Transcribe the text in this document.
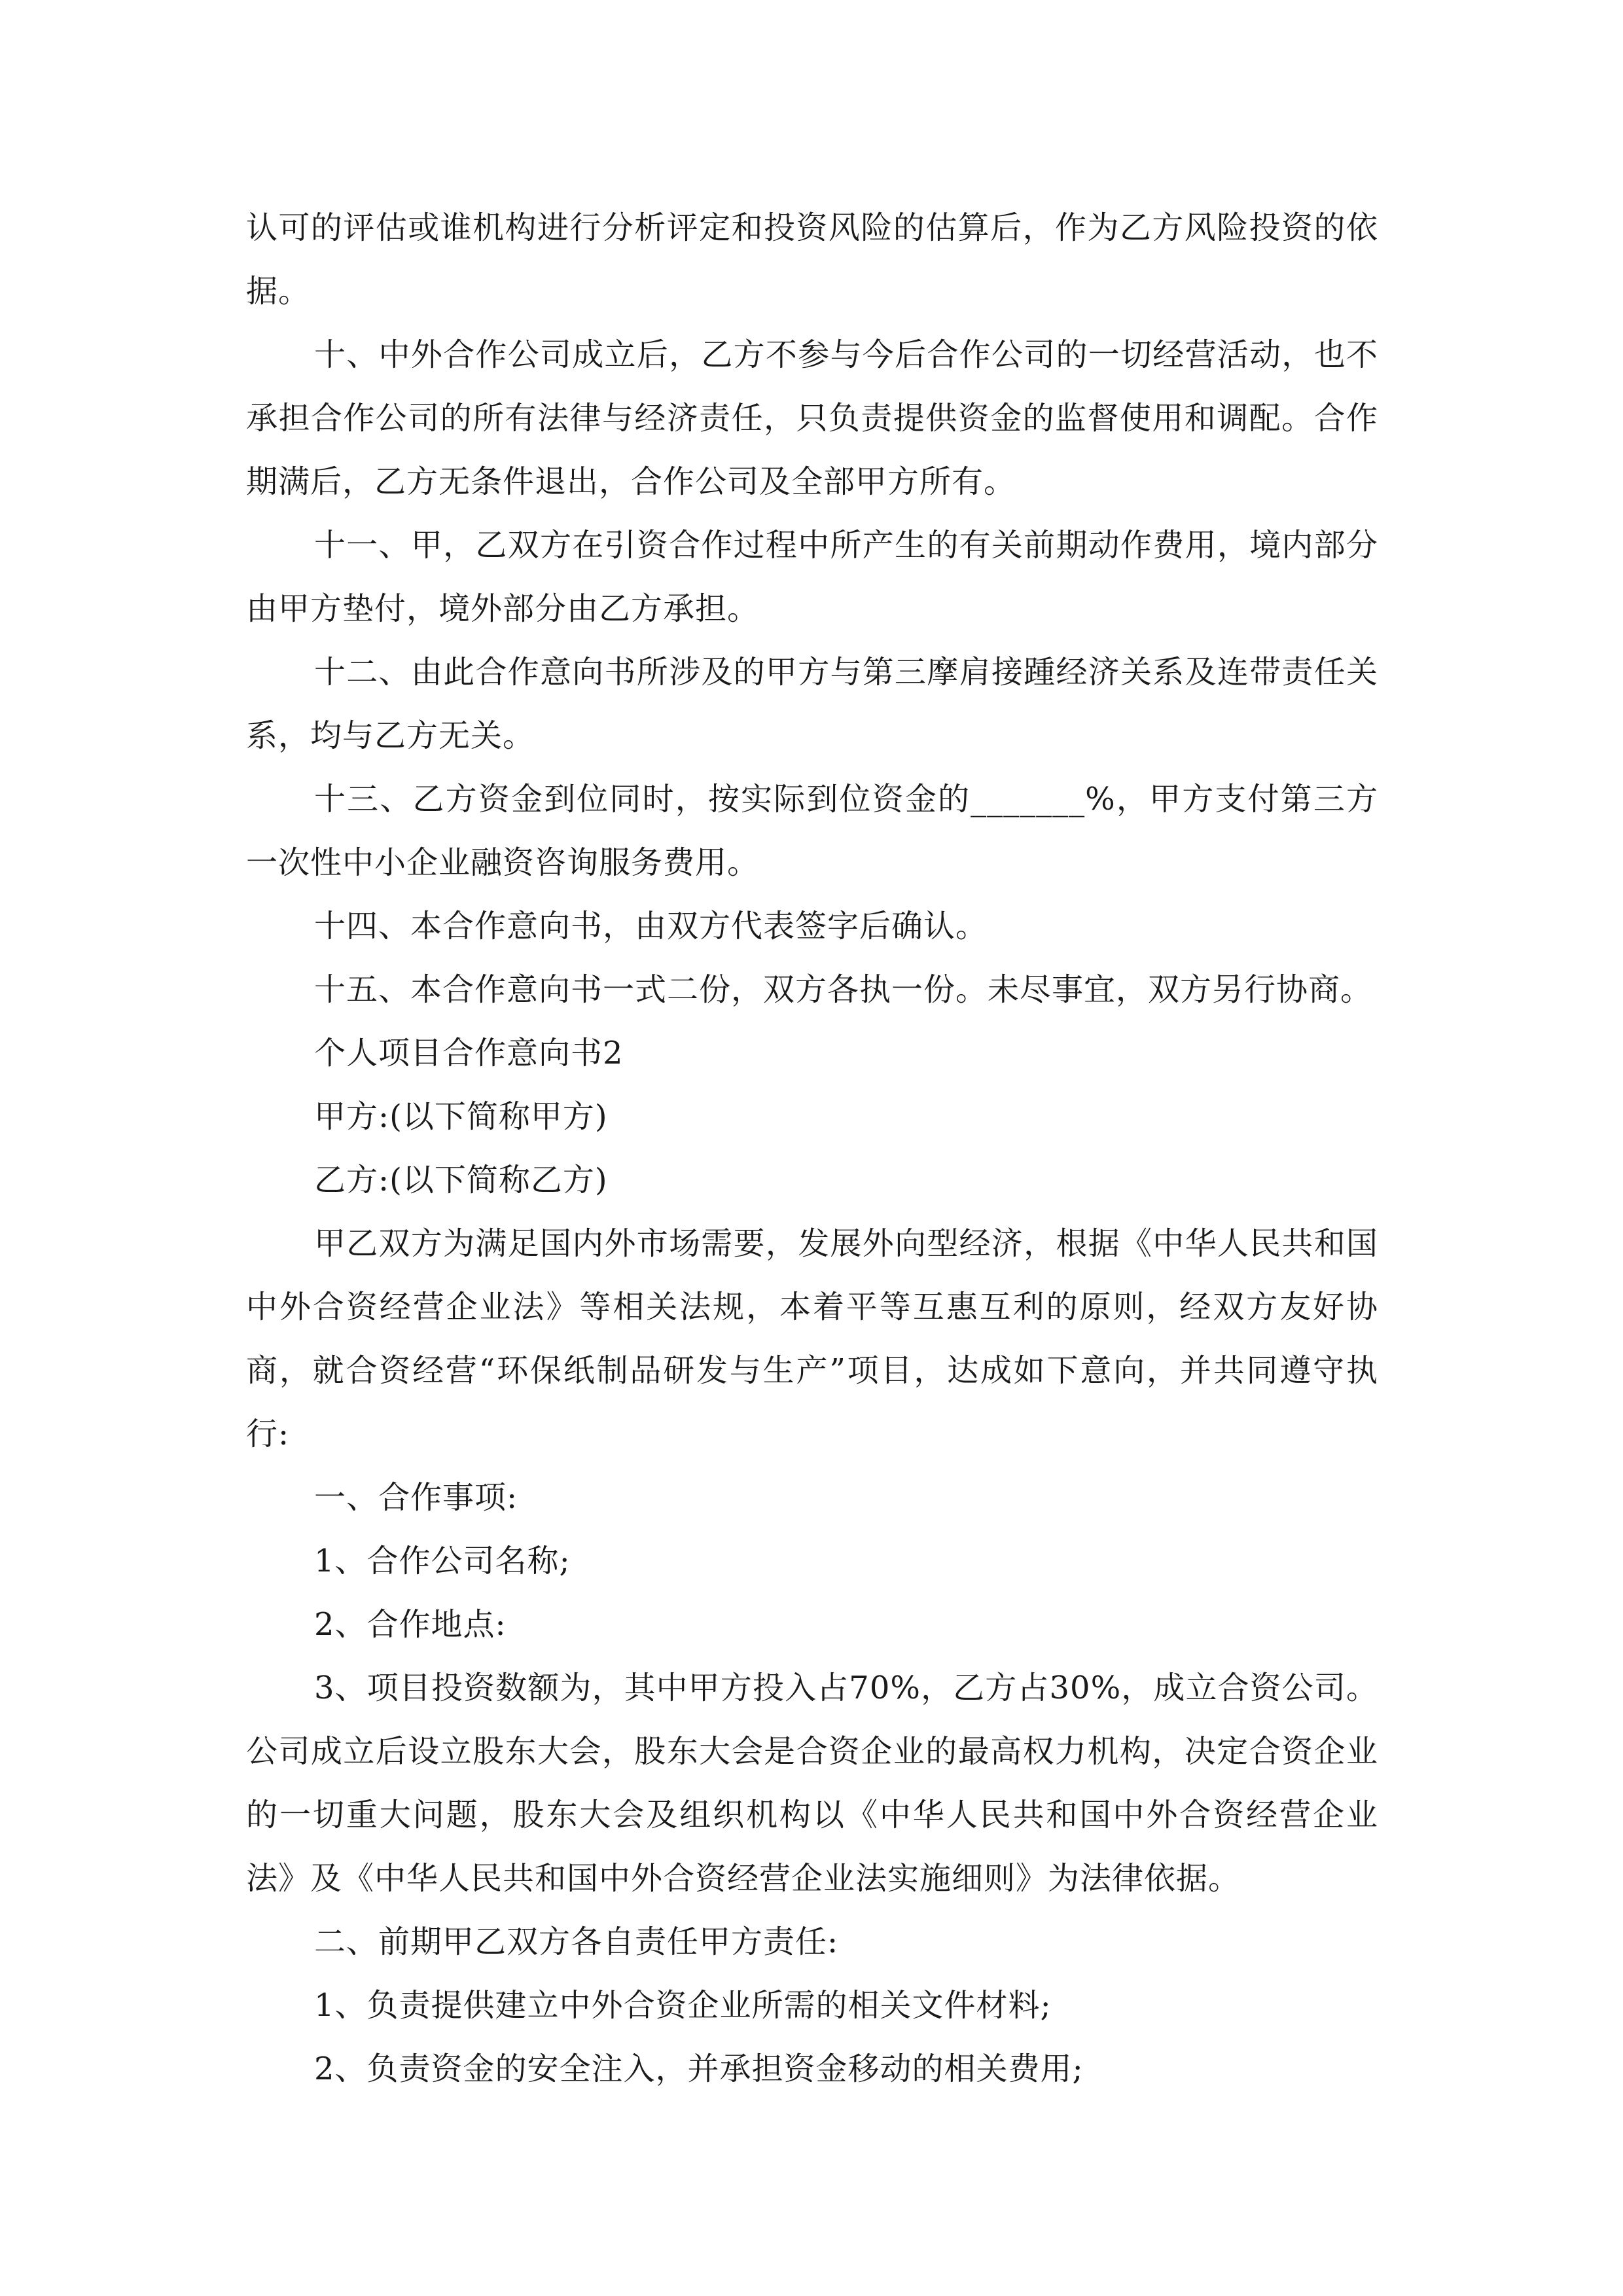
认可的评估或谁机构进行分析评定和投资风险的估算后，作为乙方风险投资的依据。

十、中外合作公司成立后，乙方不参与今后合作公司的一切经营活动，也不承担合作公司的所有法律与经济责任，只负责提供资金的监督使用和调配。合作期满后，乙方无条件退出，合作公司及全部甲方所有。

十一、甲，乙双方在引资合作过程中所产生的有关前期动作费用，境内部分由甲方垫付，境外部分由乙方承担。

十二、由此合作意向书所涉及的甲方与第三摩肩接踵经济关系及连带责任关系，均与乙方无关。

十三、乙方资金到位同时，按实际到位资金的_______%，甲方支付第三方一次性中小企业融资咨询服务费用。

十四、本合作意向书，由双方代表签字后确认。

十五、本合作意向书一式二份，双方各执一份。未尽事宜，双方另行协商。

个人项目合作意向书2

甲方:(以下简称甲方)

乙方:(以下简称乙方)

甲乙双方为满足国内外市场需要，发展外向型经济，根据《中华人民共和国中外合资经营企业法》等相关法规，本着平等互惠互利的原则，经双方友好协商，就合资经营“环保纸制品研发与生产”项目，达成如下意向，并共同遵守执行:

一、合作事项:

1、合作公司名称;

2、合作地点:

3、项目投资数额为，其中甲方投入占70%，乙方占30%，成立合资公司。公司成立后设立股东大会，股东大会是合资企业的最高权力机构，决定合资企业的一切重大问题，股东大会及组织机构以《中华人民共和国中外合资经营企业法》及《中华人民共和国中外合资经营企业法实施细则》为法律依据。

二、前期甲乙双方各自责任甲方责任:

1、负责提供建立中外合资企业所需的相关文件材料;

2、负责资金的安全注入，并承担资金移动的相关费用;
